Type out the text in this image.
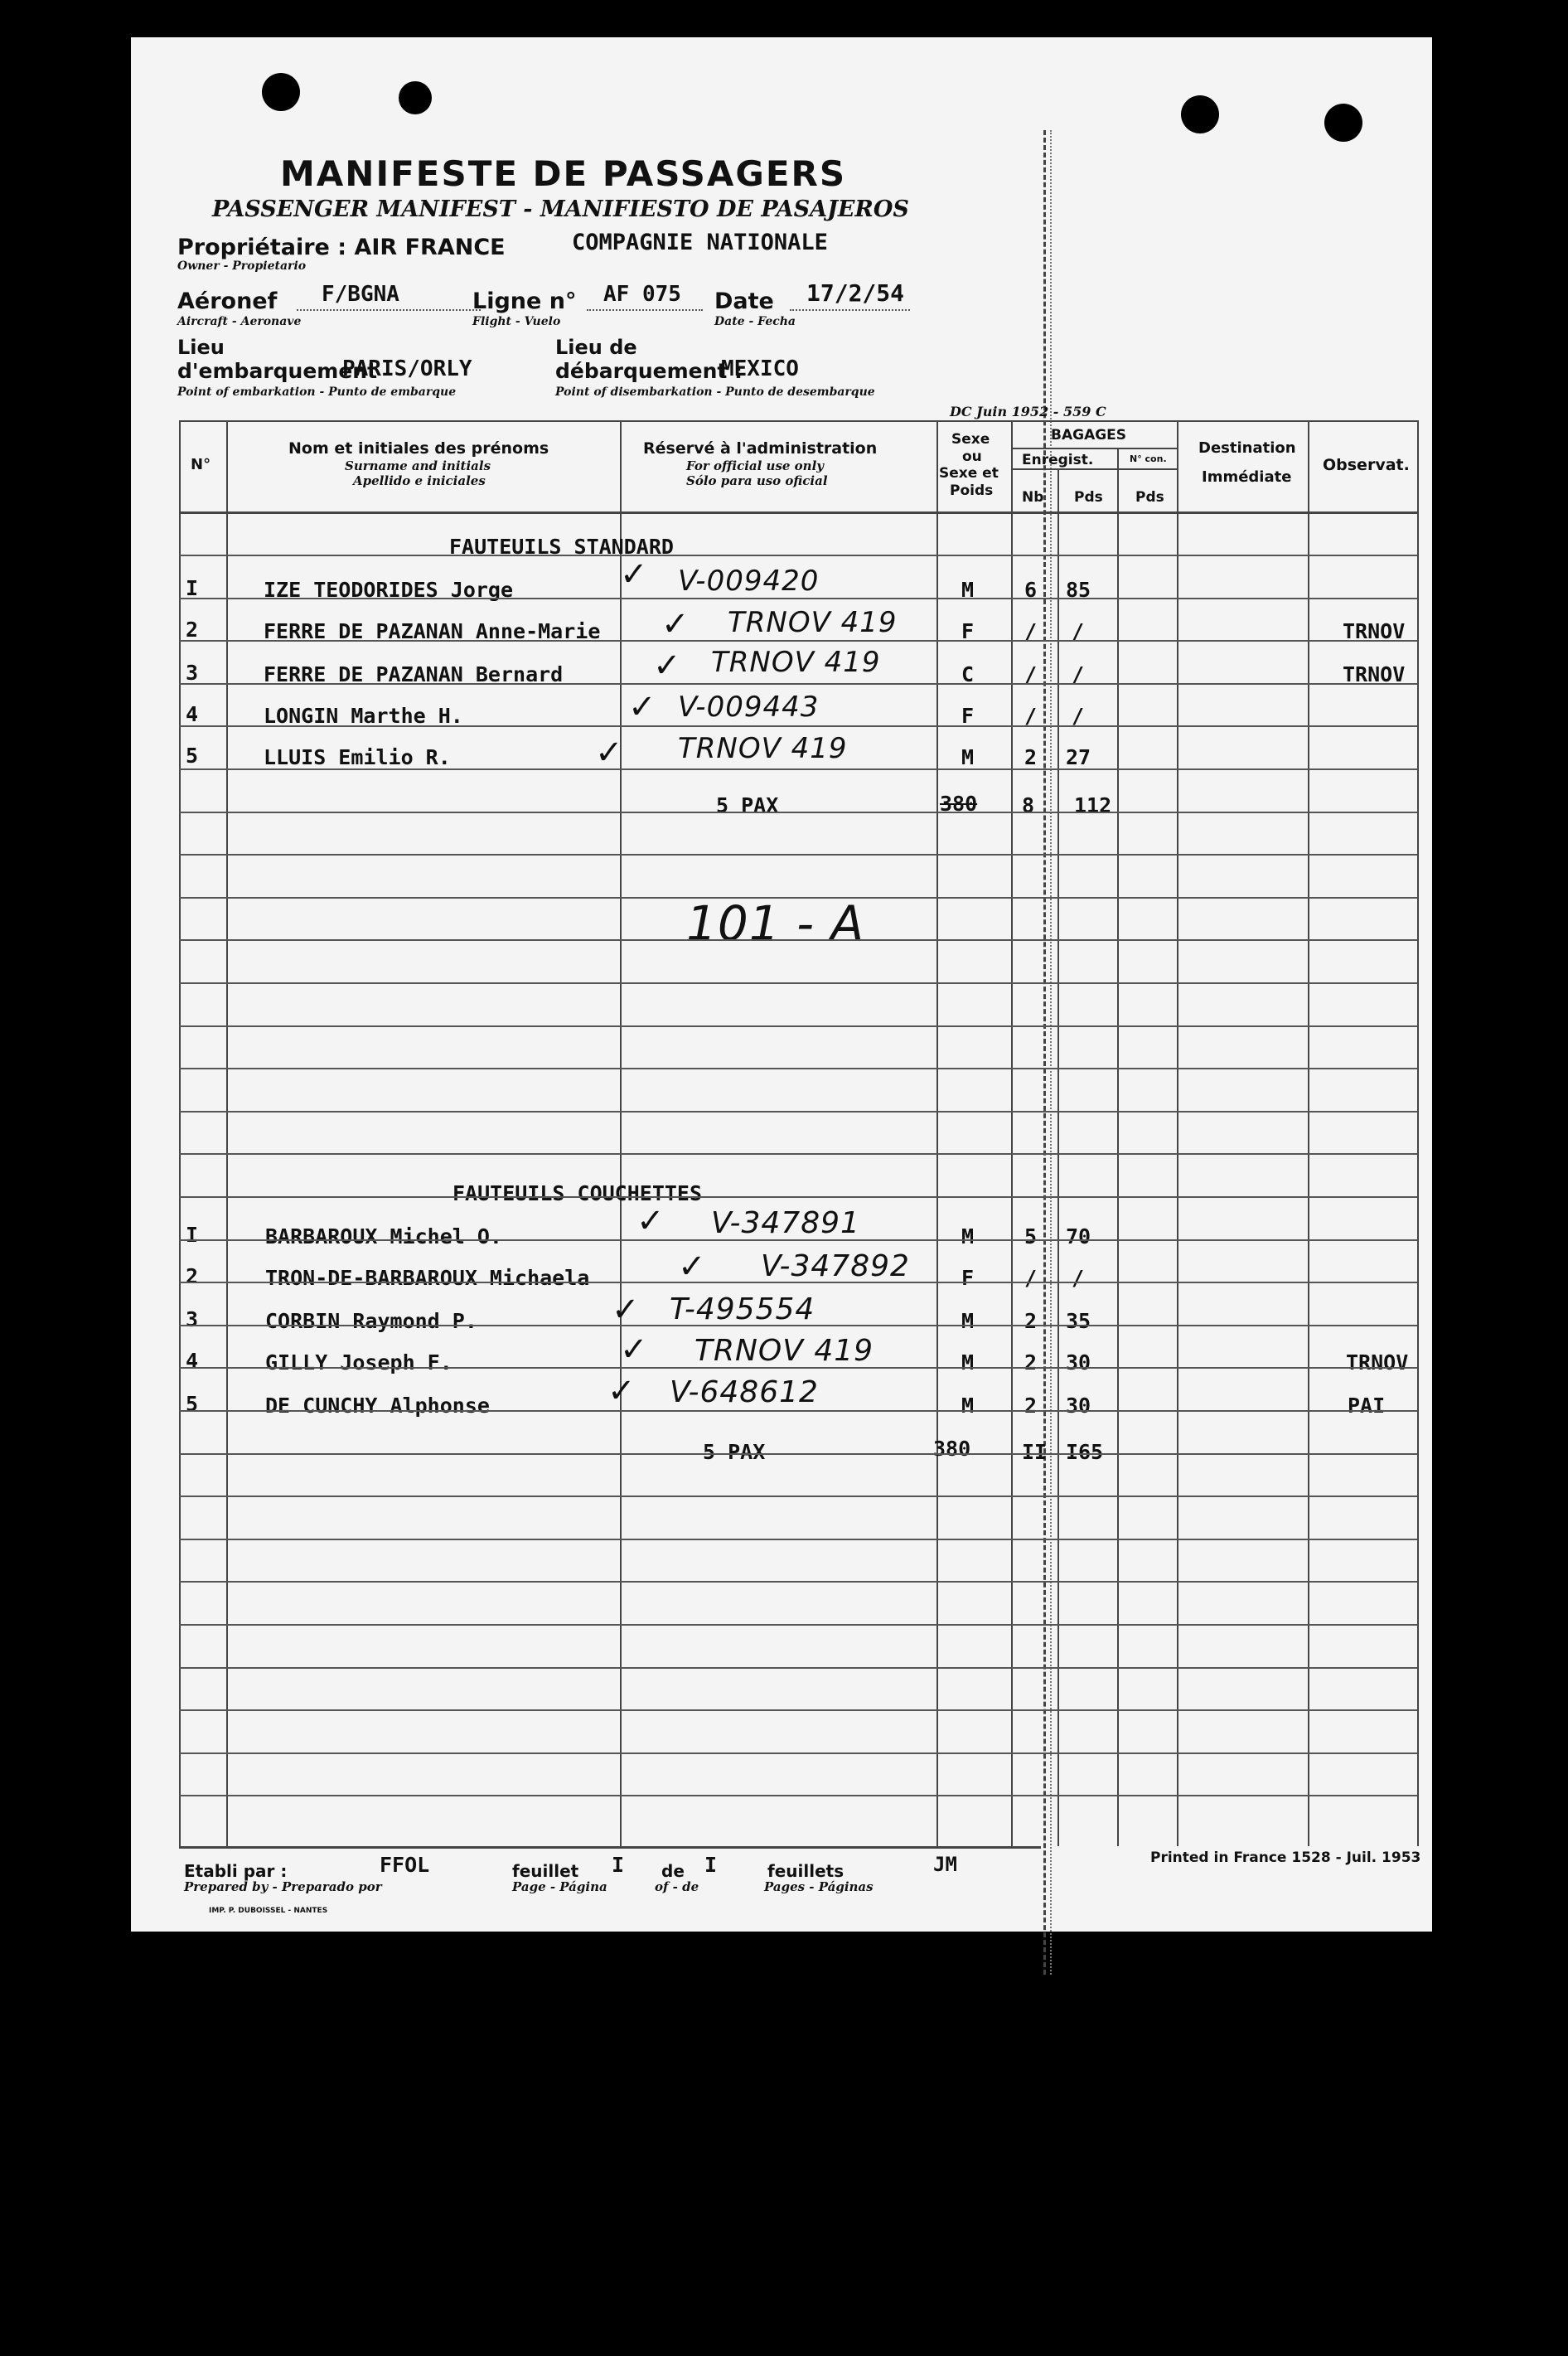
MANIFESTE DE PASSAGERS
PASSENGER MANIFEST - MANIFIESTO DE PASAJEROS
Propriétaire : AIR FRANCE
Owner - Propietario
COMPAGNIE NATIONALE
Aéronef
Aircraft - Aeronave
F/BGNA	Ligne n°
Flight - Vuelo
AF 075 Date
Date - Fecha
17/2/54
Lieu
d'embarquement
PARIS/ORLY
Point of embarkation - Punto de embarque
Lieu de
débarquement :
MEXICO
Point of disembarkation - Punto de desembarque
DC Juin 1952 - 559 C
N°
Nom et initiales des prénoms
Surname and initials
Apellido e iniciales
Réservé à l'administration
For official use only
Sólo para uso oficial
Sexe
ou
Sexe et
Poids
BAGAGES
Enregist.	N° con.
Nb Pds Pds
Destination
Immédiate
Observat.
FAUTEUILS STANDARD
I	IZE TEODORIDES Jorge	V-009420	M 6 85
2	FERRE DE PAZANAN Anne-Marie	TRNOV 419	F / /	TRNOV
3	FERRE DE PAZANAN Bernard	TRNOV 419	C / /	TRNOV
4	LONGIN Marthe H.	V-009443	F / /
5	LLUIS Emilio R.	TRNOV 419	M 2 27
✓
✓
✓
✓
✓
5 PAX	380 8 112
101 - A
FAUTEUILS COUCHETTES
I	BARBAROUX Michel O.	V-347891	M 5 70
2	TRON-DE-BARBAROUX Michaela	V-347892 F / /
3	CORBIN Raymond P.	T-495554	M 2 35
4	GILLY Joseph F.	TRNOV 419	M 2 30	TRNOV
5	DE CUNCHY Alphonse	V-648612	M 2 30	PAI
✓
✓
✓
✓
✓
5 PAX	380 II I65
Etabli par :
Prepared by - Preparado por
FFOL	feuillet
Page - Página
I de
of - de
I	feuillets
Pages - Páginas
JM	Printed in France 1528 - Juil. 1953
IMP. P. DUBOISSEL - NANTES
